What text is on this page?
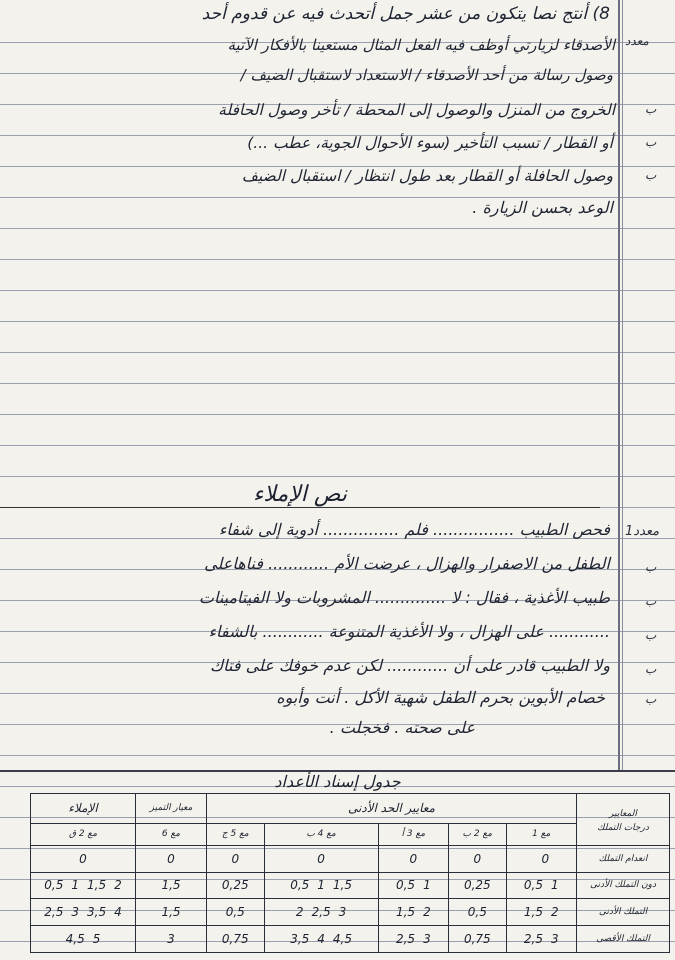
معدد
8) أنتج نصا يتكون من عشر جمل أتحدث فيه عن قدوم أحد
الأصدقاء لزيارتي أوظف فيه الفعل المثال مستعينا بالأفكار الآتية
وصول رسالة من أحد الأصدقاء / الاستعداد لاستقبال الضيف /
الخروج من المنزل والوصول إلى المحطة / تأخر وصول الحافلة
أو القطار / تسبب التأخير (سوء الأحوال الجوية، عطب ...)
وصول الحافلة أو القطار بعد طول انتظار / استقبال الضيف
الوعد بحسن الزيارة .
ب
ب
ب
نص الإملاء
معدد1
فحص الطبيب ................ فلم ............... أدوية إلى شفاء
الطفل من الاصفرار والهزال ، عرضت الأم ............ فناهاعلى
طبيب الأغذية ، فقال : لا .............. المشروبات ولا الفيتامينات
............ على الهزال ، ولا الأغذية المتنوعة ............ بالشفاء
ولا الطبيب قادر على أن ............ لكن عدم خوفك على فتاك
خصام الأبوين بحرم الطفل شهية الأكل . أنت وأبوه
على صحته . فخجلت .
ب
ب
ب
ب
ب
جدول إسناد الأعداد
المعايير
درجات التملك	معايير الحد الأدنى					معيار التميز	الإملاء
	مع 1	مع 2 ب	مع 3 أ	مع 4 ب	مع 5 ج	مع 6	مع 2 ق
انعدام التملك	0	0	0	0	0	0	0
دون التملك الأدنى	0,5 1	0,25	0,5 1	0,5 1 1,5	0,25	1,5	0,5 1 1,5 2
التملك الأدنى	1,5 2	0,5	1,5 2	2 2,5 3	0,5	1,5	2,5 3 3,5 4
التملك الأقصى	2,5 3	0,75	2,5 3	3,5 4 4,5	0,75	3	4,5 5
